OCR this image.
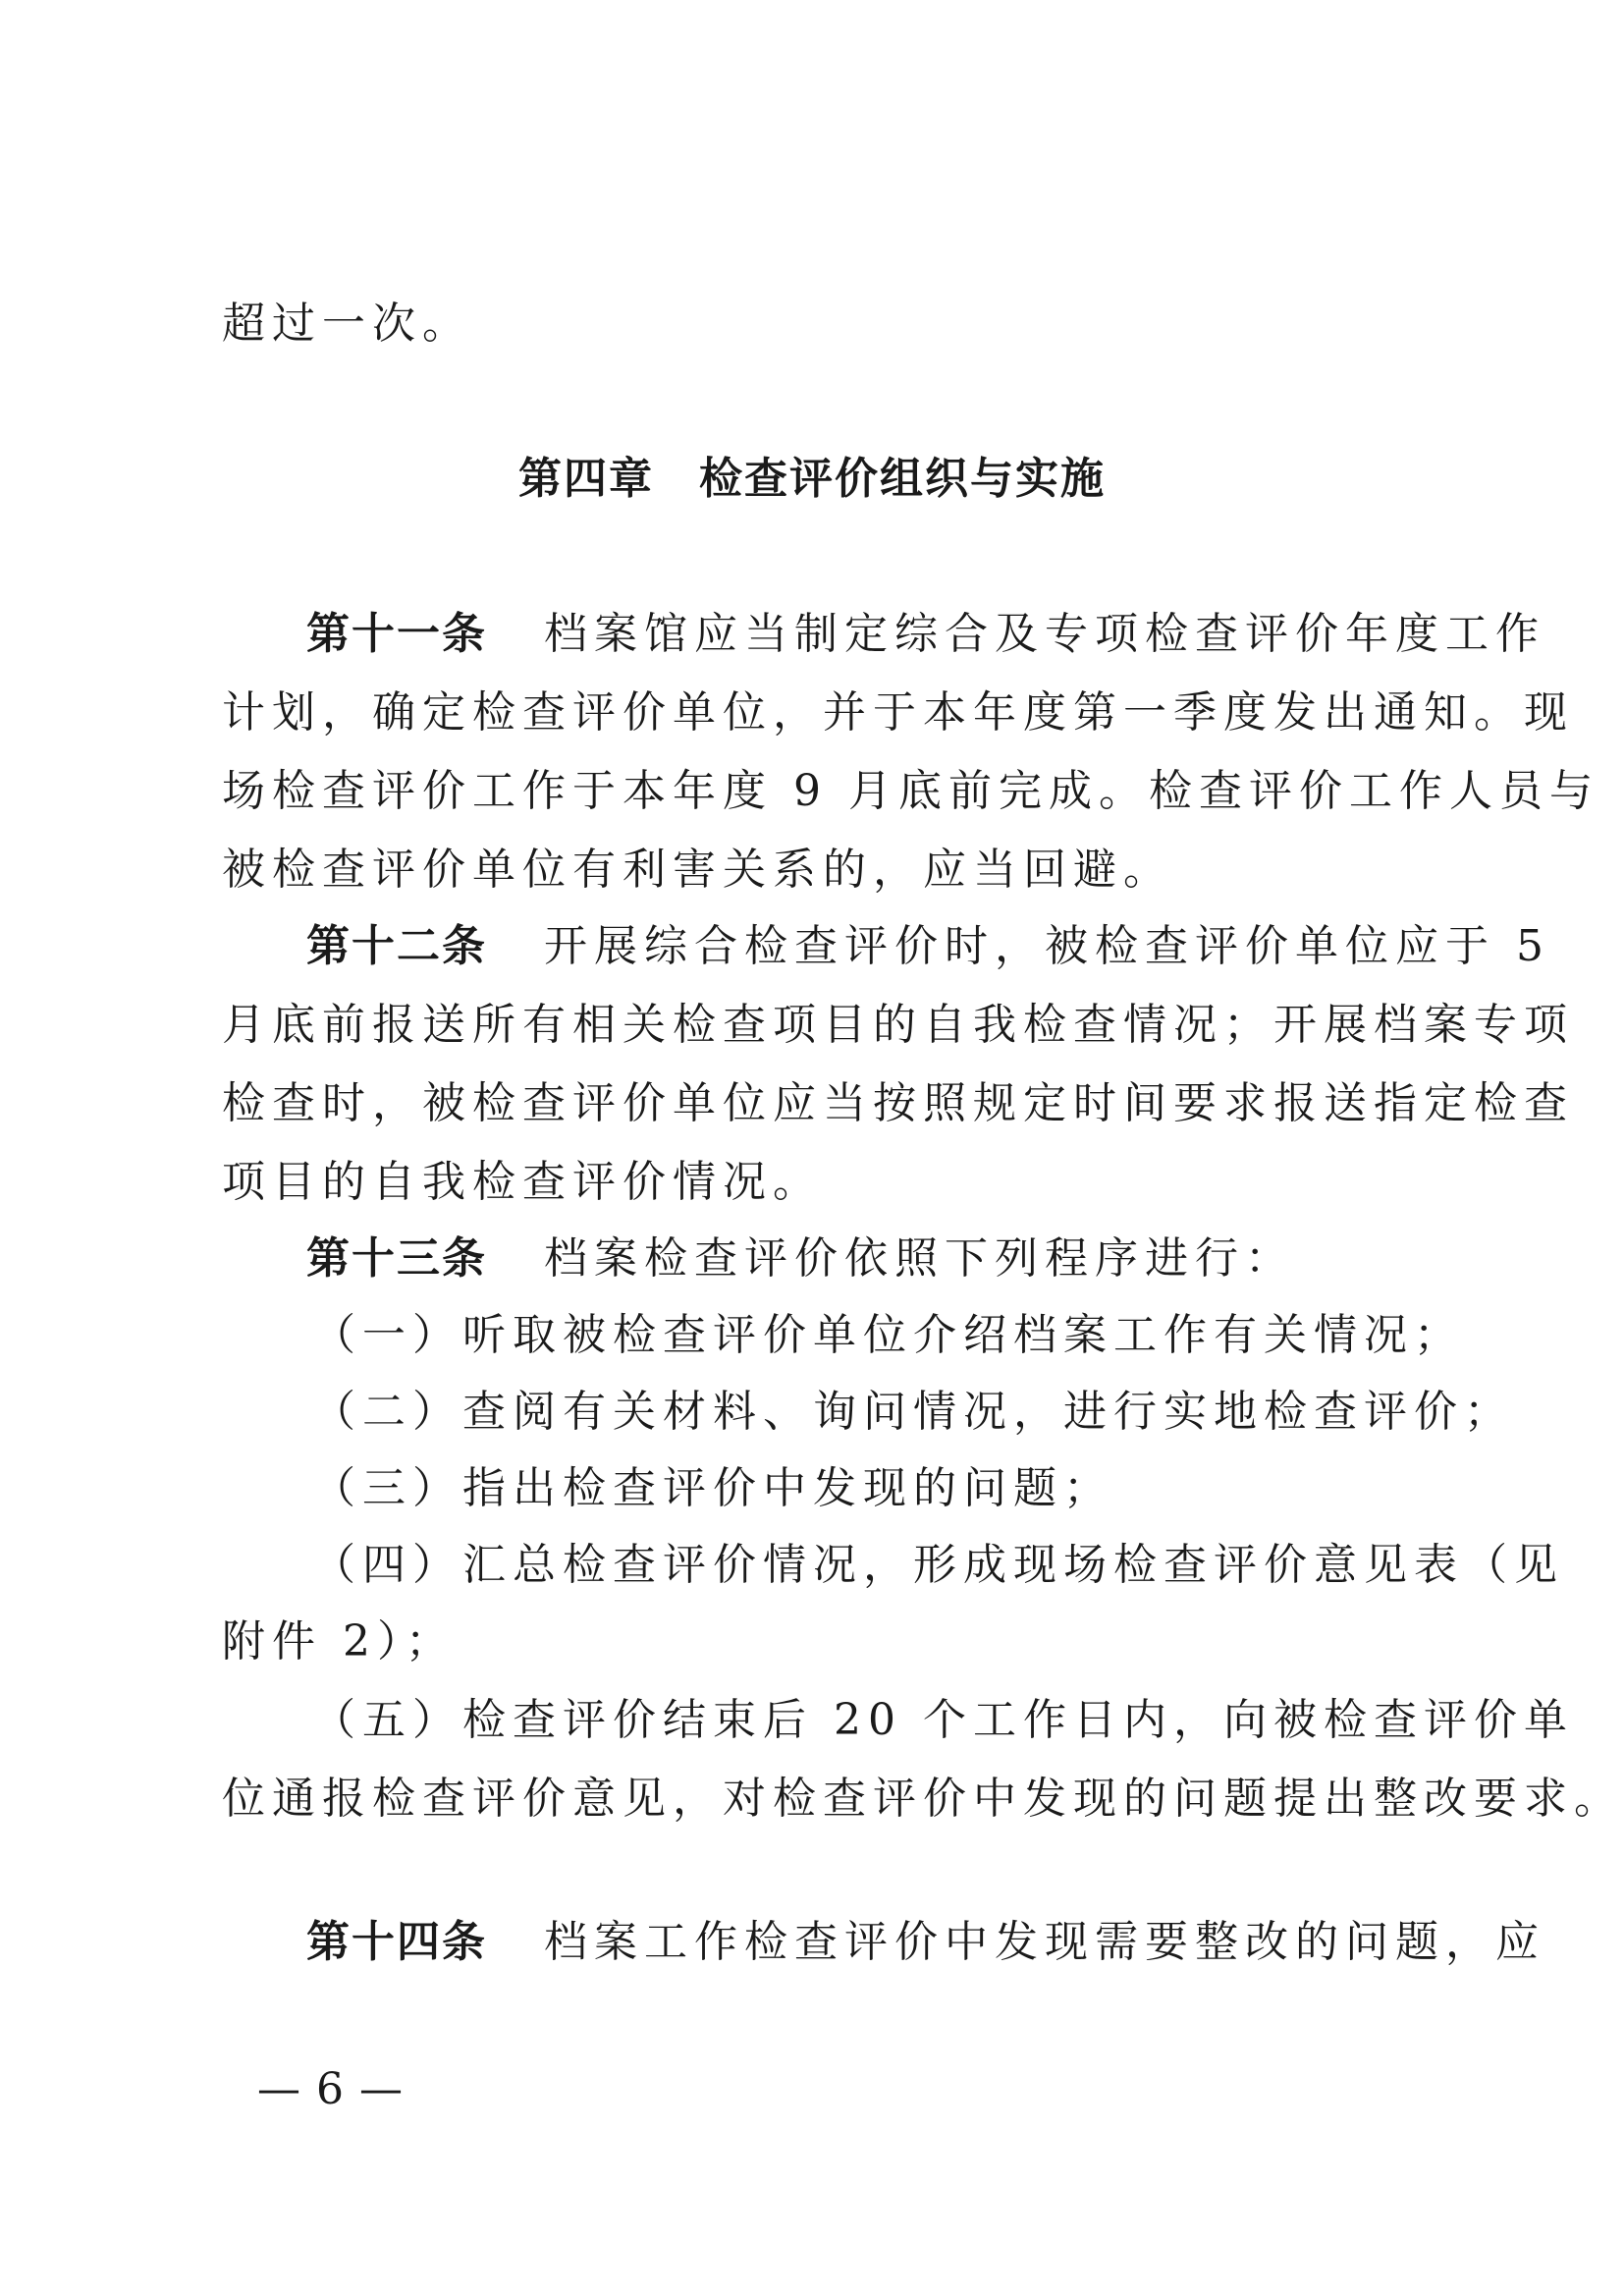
超过一次。
第四章　检查评价组织与实施
第十一条 档案馆应当制定综合及专项检查评价年度工作
计划，确定检查评价单位，并于本年度第一季度发出通知。现
场检查评价工作于本年度 9 月底前完成。检查评价工作人员与
被检查评价单位有利害关系的，应当回避。
第十二条 开展综合检查评价时，被检查评价单位应于 5
月底前报送所有相关检查项目的自我检查情况；开展档案专项
检查时，被检查评价单位应当按照规定时间要求报送指定检查
项目的自我检查评价情况。
第十三条 档案检查评价依照下列程序进行：
（一）听取被检查评价单位介绍档案工作有关情况；
（二）查阅有关材料、询问情况，进行实地检查评价；
（三）指出检查评价中发现的问题；
（四）汇总检查评价情况，形成现场检查评价意见表（见
附件 2）；
（五）检查评价结束后 20 个工作日内，向被检查评价单
位通报检查评价意见，对检查评价中发现的问题提出整改要求。
第十四条 档案工作检查评价中发现需要整改的问题，应
— 6 —
